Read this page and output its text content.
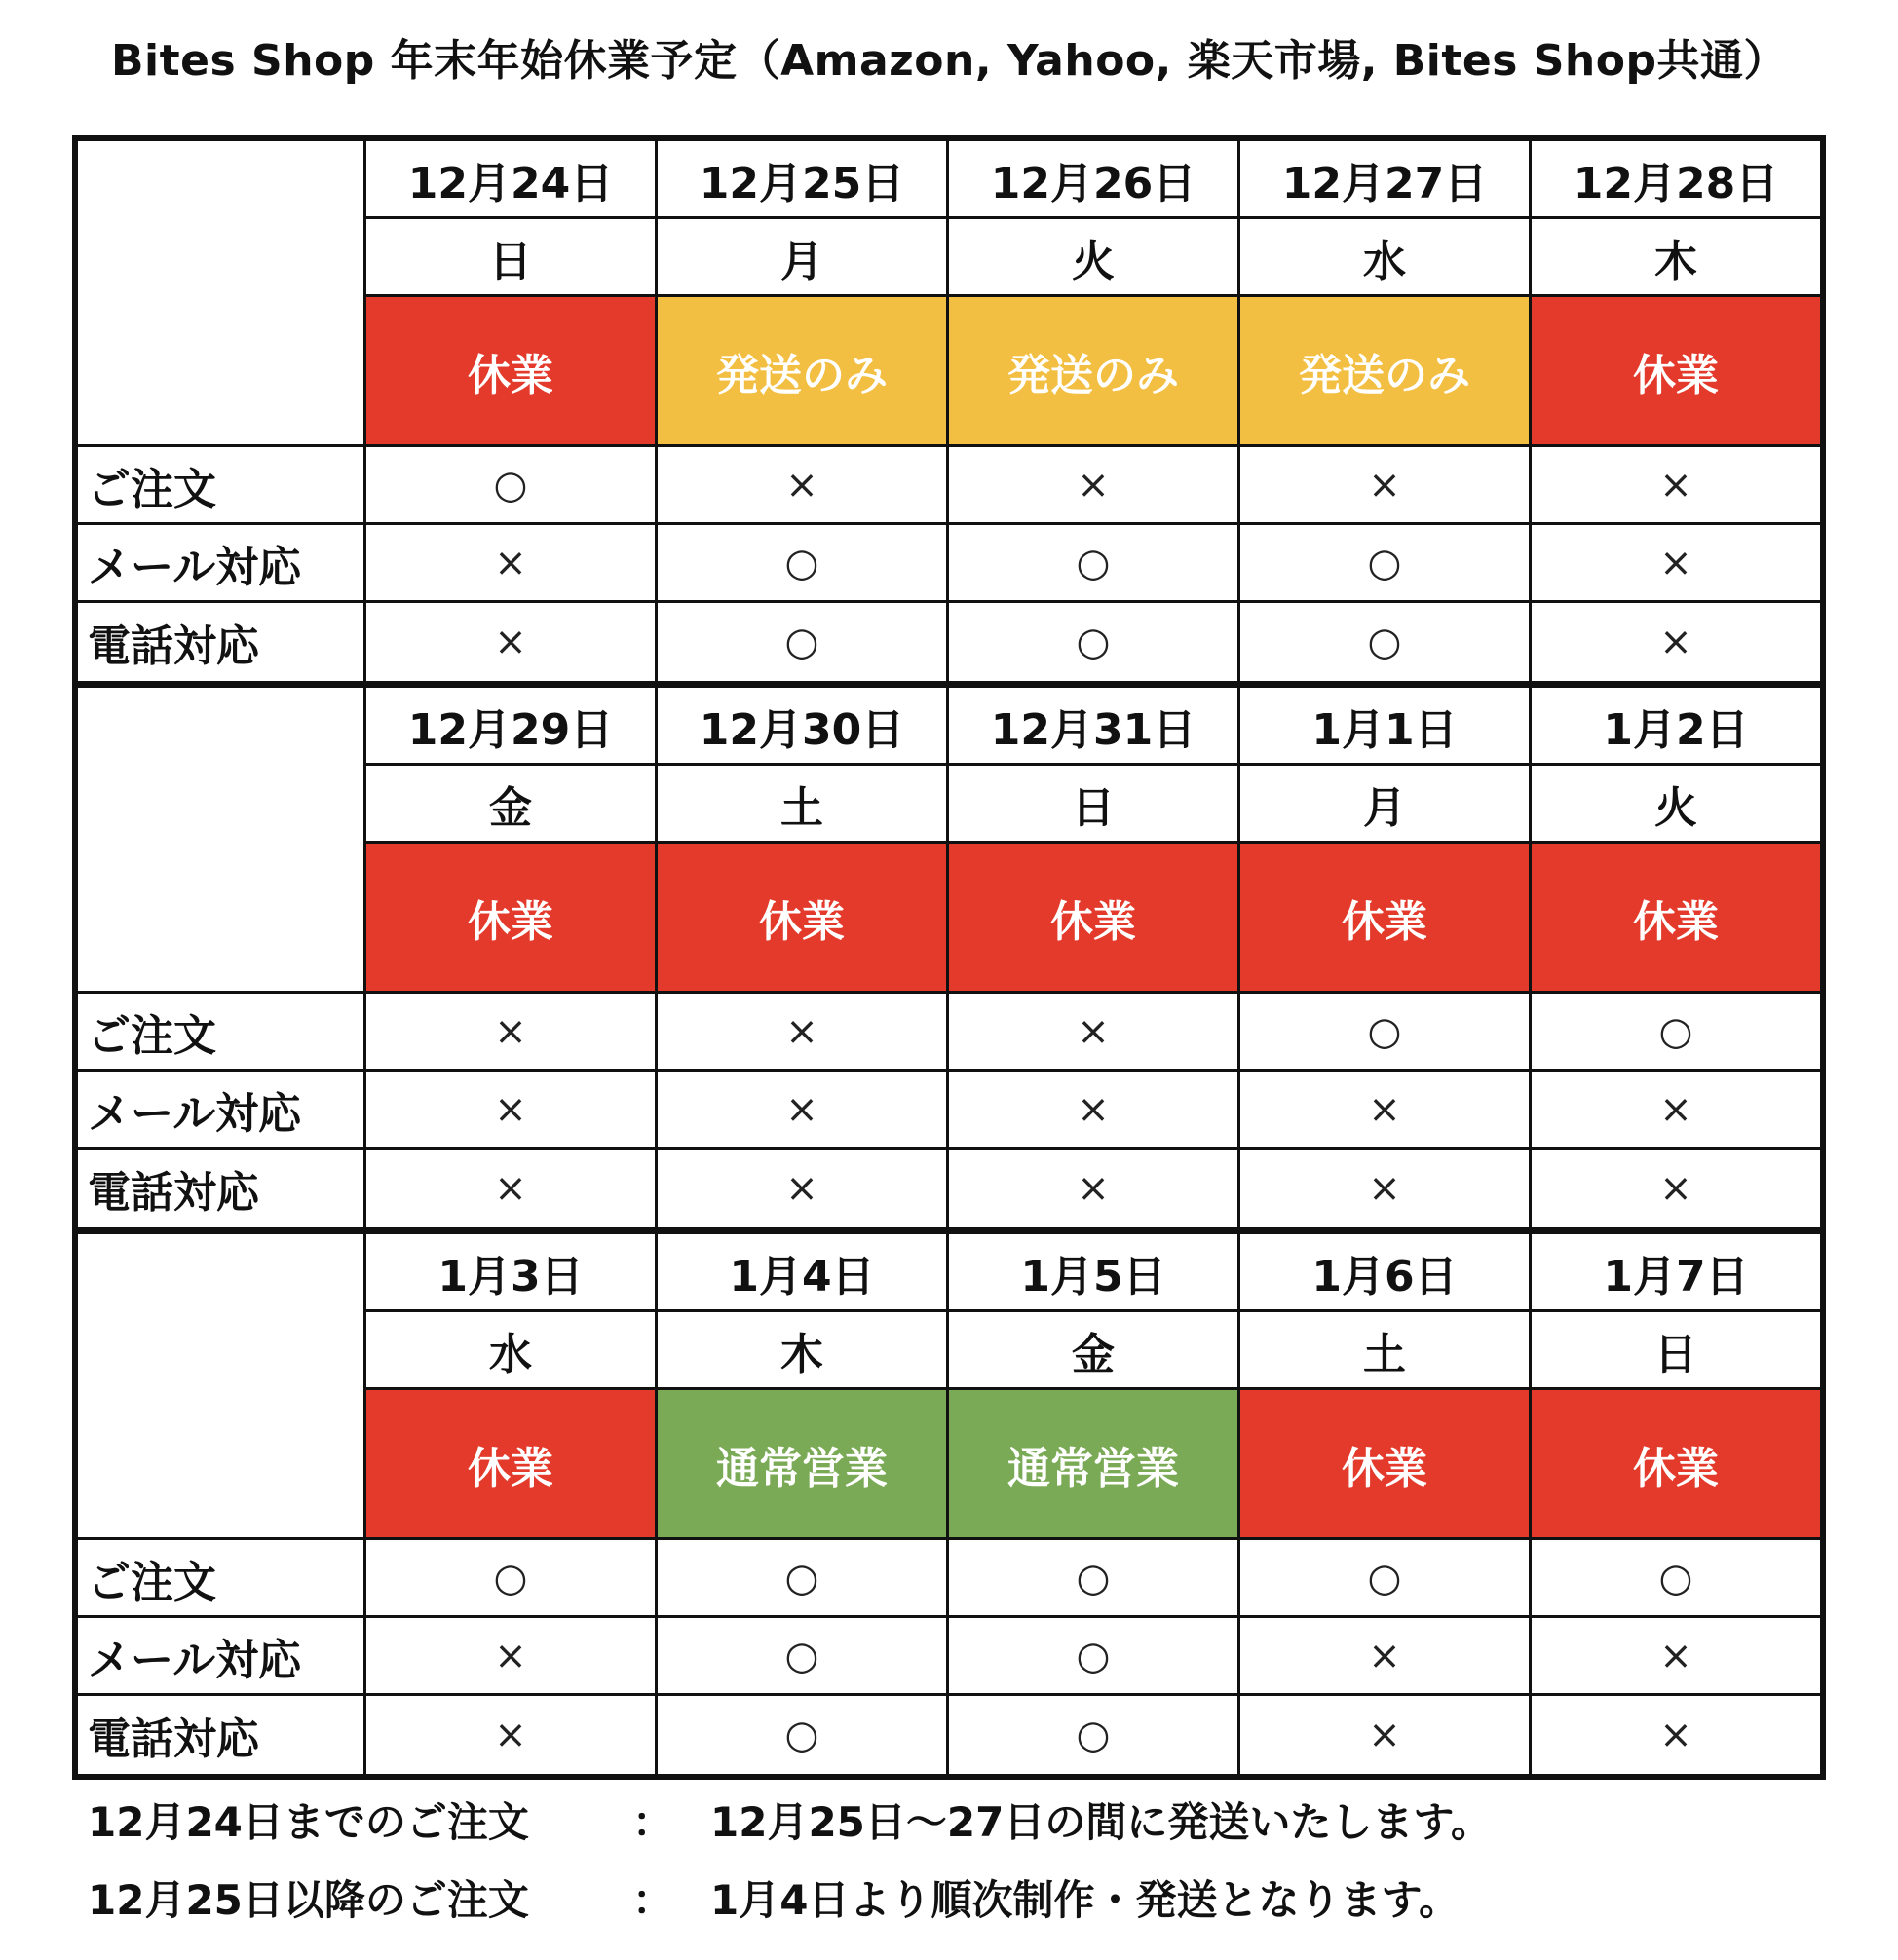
Bites Shop 年末年始休業予定（Amazon, Yahoo, 楽天市場, Bites Shop共通）
ご注文
メール対応
電話対応
12月24日
日
休業
○
×
×
12月25日
月
発送のみ
×
○
○
12月26日
火
発送のみ
×
○
○
12月27日
水
発送のみ
×
○
○
12月28日
木
休業
×
×
×
ご注文
メール対応
電話対応
12月29日
金
休業
×
×
×
12月30日
土
休業
×
×
×
12月31日
日
休業
×
×
×
1月1日
月
休業
○
×
×
1月2日
火
休業
○
×
×
ご注文
メール対応
電話対応
1月3日
水
休業
○
×
×
1月4日
木
通常営業
○
○
○
1月5日
金
通常営業
○
○
○
1月6日
土
休業
○
×
×
1月7日
日
休業
○
×
×
12月24日までのご注文	： 12月25日〜27日の間に発送いたします。
12月25日以降のご注文	： 1月4日より順次制作・発送となります。
